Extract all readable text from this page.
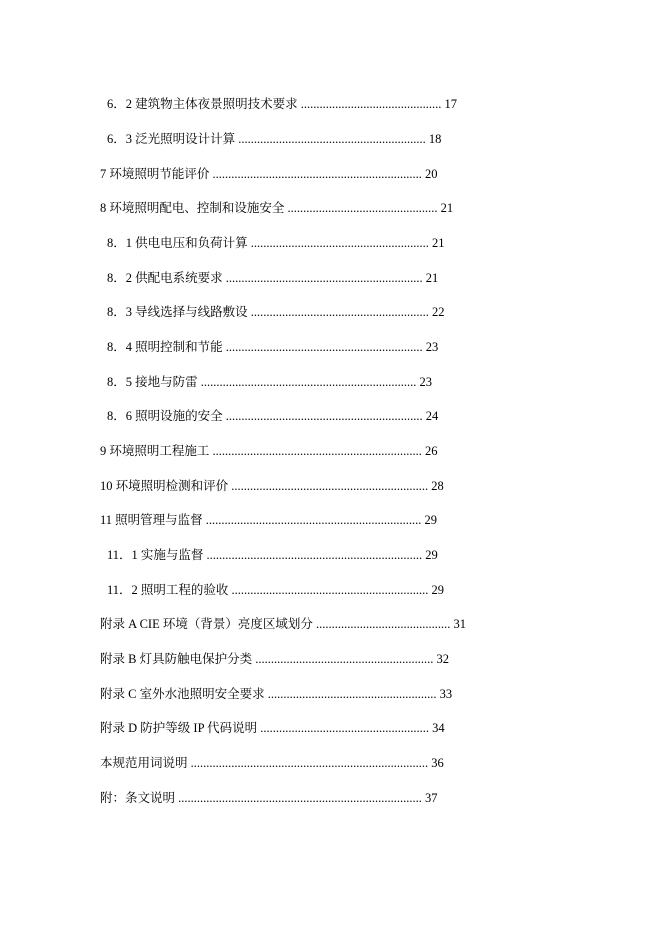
6．2 建筑物主体夜景照明技术要求 ............................................. 17
6．3 泛光照明设计计算 ............................................................ 18
7 环境照明节能评价 ................................................................... 20
8 环境照明配电、控制和设施安全 ................................................ 21
8．1 供电电压和负荷计算 ......................................................... 21
8．2 供配电系统要求 ............................................................... 21
8．3 导线选择与线路敷设 ......................................................... 22
8．4 照明控制和节能 ............................................................... 23
8．5 接地与防雷 ..................................................................... 23
8．6 照明设施的安全 ............................................................... 24
9 环境照明工程施工 ................................................................... 26
10 环境照明检测和评价 ............................................................... 28
11 照明管理与监督 ..................................................................... 29
11．1 实施与监督 ..................................................................... 29
11．2 照明工程的验收 ............................................................... 29
附录 A CIE 环境（背景）亮度区域划分 ........................................... 31
附录 B 灯具防触电保护分类 ......................................................... 32
附录 C 室外水池照明安全要求 ...................................................... 33
附录 D 防护等级 IP 代码说明 ...................................................... 34
本规范用词说明 ............................................................................ 36
附：条文说明 .............................................................................. 37
